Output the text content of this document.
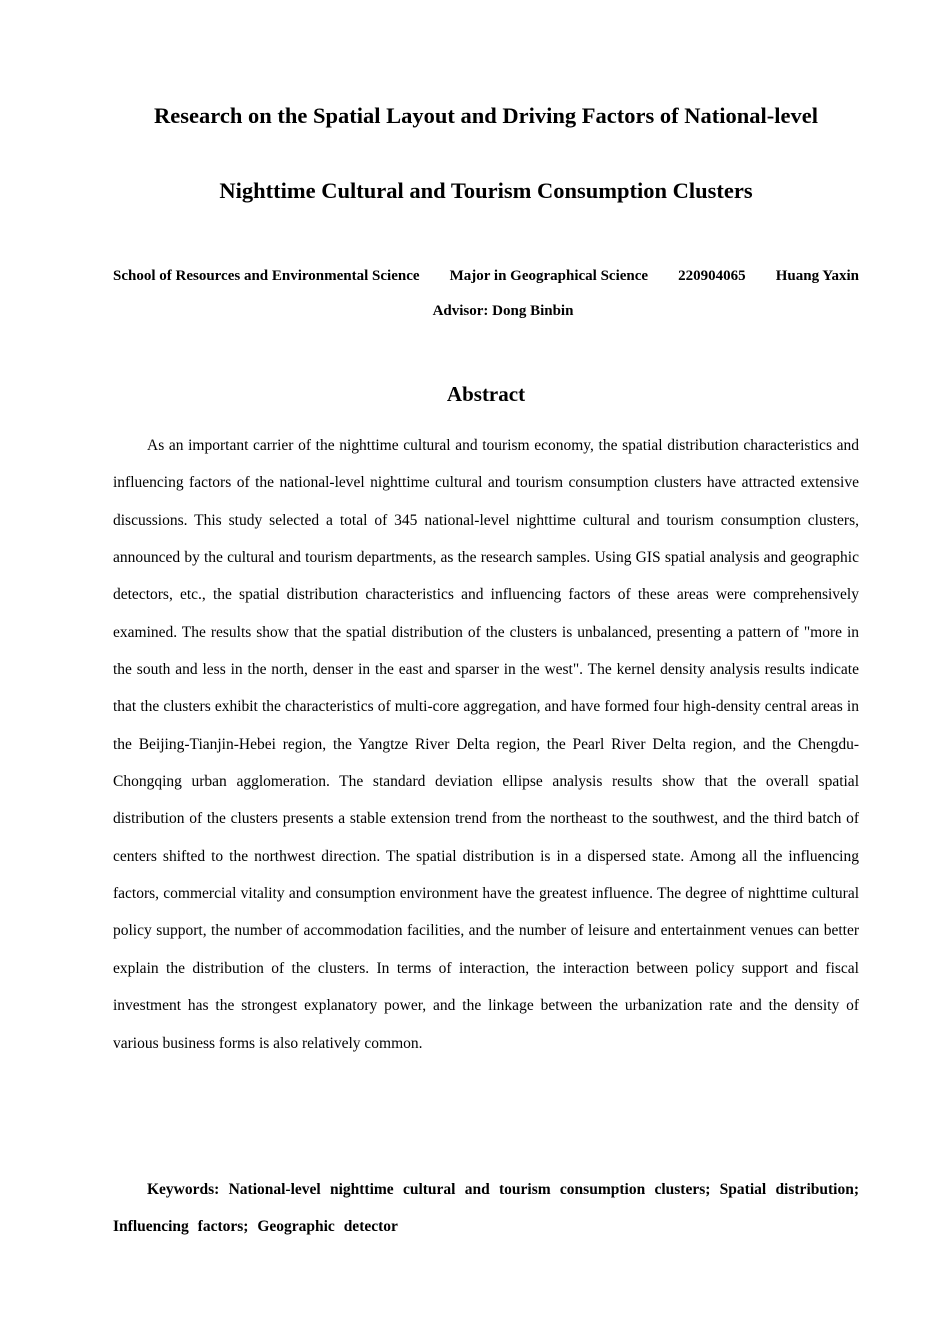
Research on the Spatial Layout and Driving Factors of National-level
Nighttime Cultural and Tourism Consumption Clusters
School of Resources and Environmental Science Major in Geographical Science 220904065 Huang Yaxin
Advisor: Dong Binbin
Abstract

As an important carrier of the nighttime cultural and tourism economy, the spatial distribution characteristics and influencing factors of the national-level nighttime cultural and tourism consumption clusters have attracted extensive discussions. This study selected a total of 345 national-level nighttime cultural and tourism consumption clusters, announced by the cultural and tourism departments, as the research samples. Using GIS spatial analysis and geographic detectors, etc., the spatial distribution characteristics and influencing factors of these areas were comprehensively examined. The results show that the spatial distribution of the clusters is unbalanced, presenting a pattern of "more in the south and less in the north, denser in the east and sparser in the west". The kernel density analysis results indicate that the clusters exhibit the characteristics of multi-core aggregation, and have formed four high-density central areas in the Beijing-Tianjin-Hebei region, the Yangtze River Delta region, the Pearl River Delta region, and the Chengdu-Chongqing urban agglomeration. The standard deviation ellipse analysis results show that the overall spatial distribution of the clusters presents a stable extension trend from the northeast to the southwest, and the third batch of centers shifted to the northwest direction. The spatial distribution is in a dispersed state. Among all the influencing factors, commercial vitality and consumption environment have the greatest influence. The degree of nighttime cultural policy support, the number of accommodation facilities, and the number of leisure and entertainment venues can better explain the distribution of the clusters. In terms of interaction, the interaction between policy support and fiscal investment has the strongest explanatory power, and the linkage between the urbanization rate and the density of various business forms is also relatively common.

Keywords: National-level nighttime cultural and tourism consumption clusters; Spatial distribution; Influencing factors; Geographic detector
